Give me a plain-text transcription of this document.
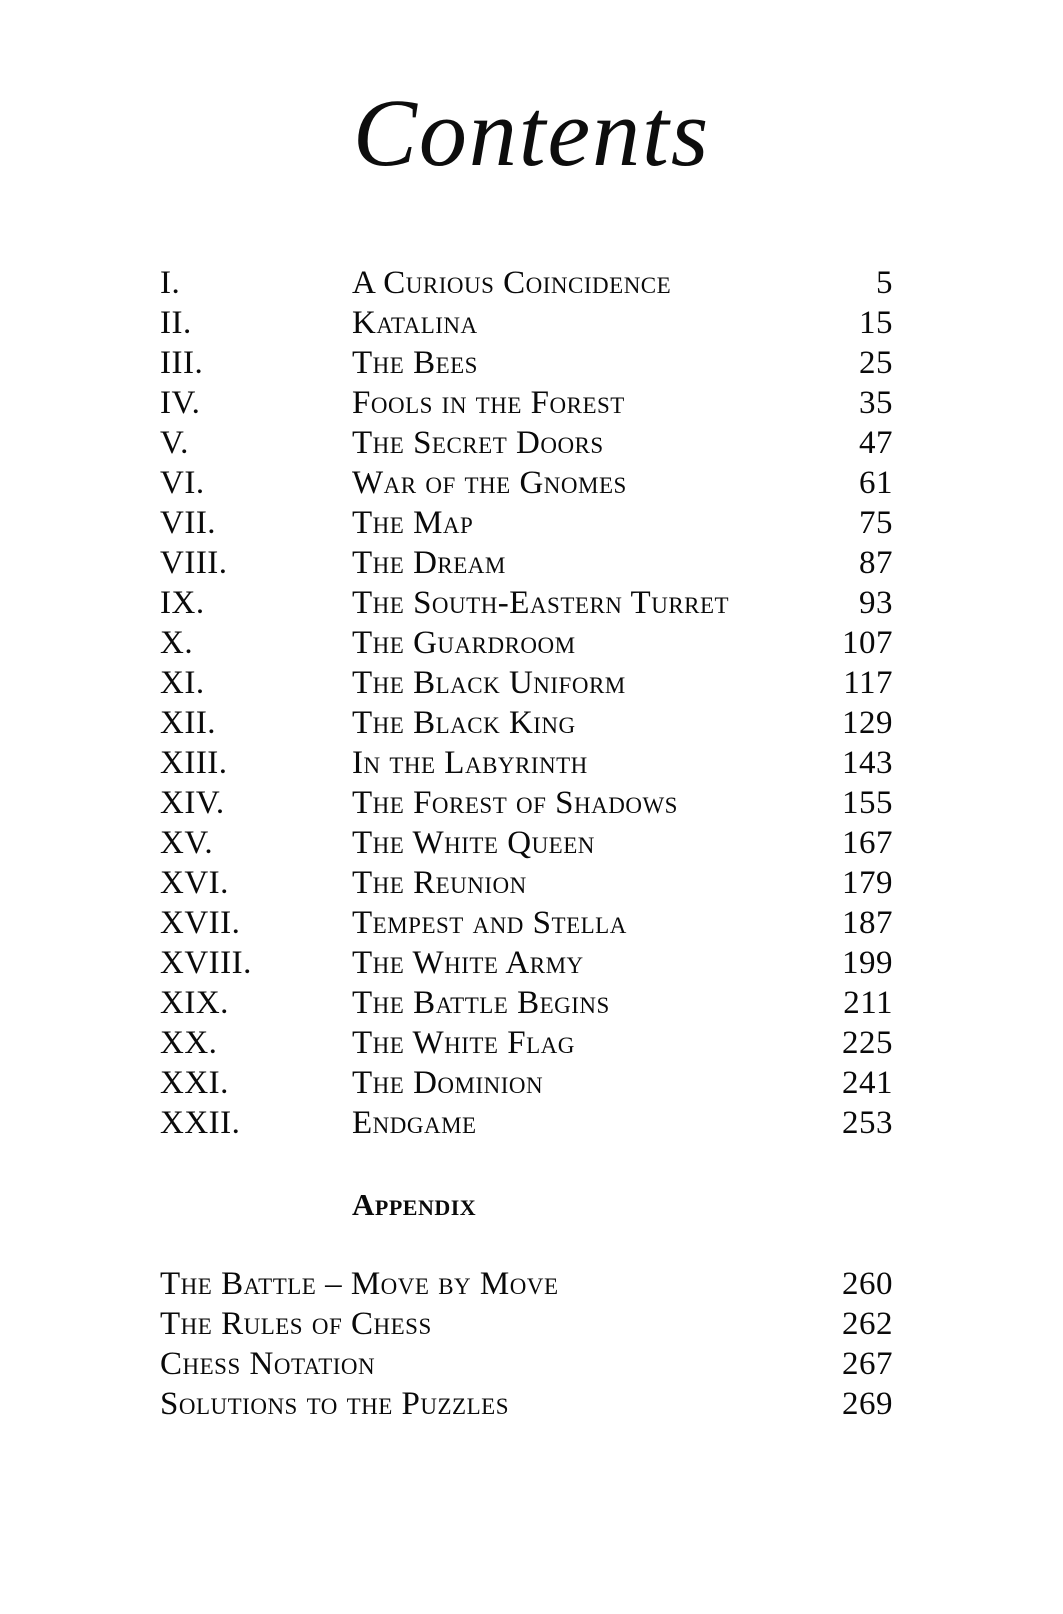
Contents
I.	A Curious Coincidence	5
II.	Katalina	15
III.	The Bees	25
IV.	Fools in the Forest	35
V.	The Secret Doors	47
VI.	War of the Gnomes	61
VII.	The Map	75
VIII.	The Dream	87
IX.	The South-Eastern Turret	93
X.	The Guardroom	107
XI.	The Black Uniform	117
XII.	The Black King	129
XIII.	In the Labyrinth	143
XIV.	The Forest of Shadows	155
XV.	The White Queen	167
XVI.	The Reunion	179
XVII.	Tempest and Stella	187
XVIII.	The White Army	199
XIX.	The Battle Begins	211
XX.	The White Flag	225
XXI.	The Dominion	241
XXII.	Endgame	253
Appendix
The Battle – Move by Move	260
The Rules of Chess	262
Chess Notation	267
Solutions to the Puzzles	269
